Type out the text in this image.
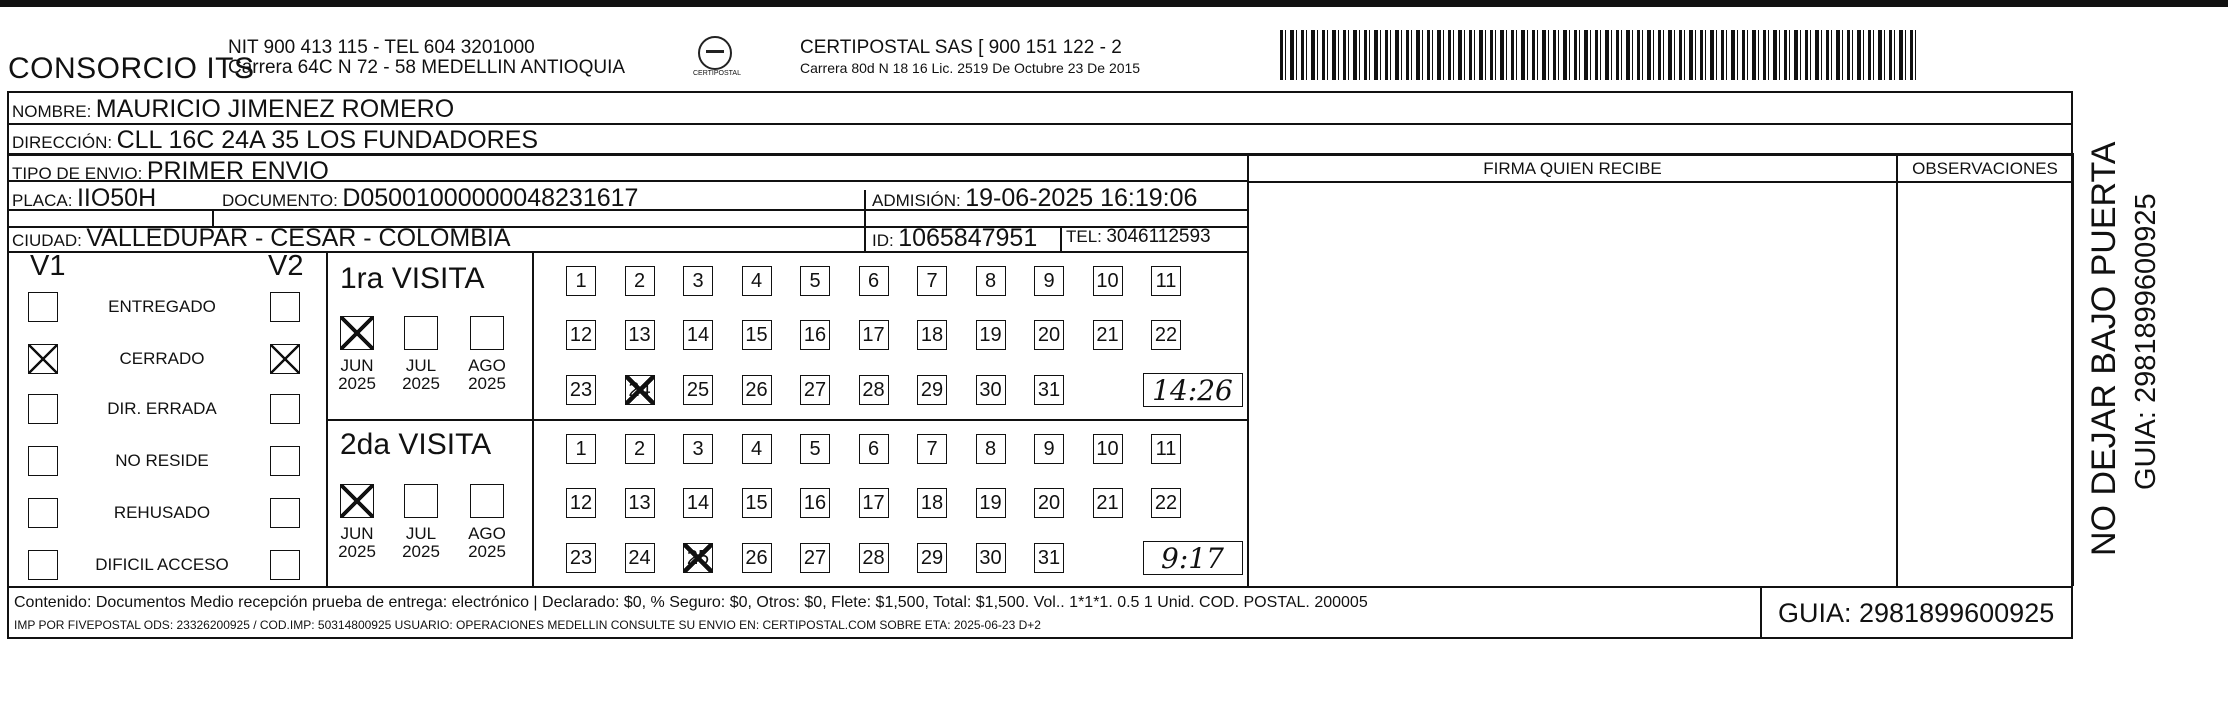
CONSORCIO ITS
NIT 900 413 115 - TEL 604 3201000
Carrera 64C N 72 - 58 MEDELLIN ANTIOQUIA	CERTIPOSTAL
CERTIPOSTAL SAS [ 900 151 122 - 2
Carrera 80d N 18 16 Lic. 2519 De Octubre 23 De 2015
NOMBRE: MAURICIO JIMENEZ ROMERO
DIRECCIÓN: CLL 16C 24A 35 LOS FUNDADORES
TIPO DE ENVIO: PRIMER ENVIO
PLACA: IIO50H	DOCUMENTO: D05001000000048231617	ADMISIÓN: 19-06-2025 16:19:06
CIUDAD: VALLEDUPAR - CESAR - COLOMBIA	ID: 1065847951 TEL: 3046112593
FIRMA QUIEN RECIBE	OBSERVACIONES
V1	V2
ENTREGADO
CERRADO
DIR. ERRADA
NO RESIDE
REHUSADO
DIFICIL ACCESO
1ra VISITA
2da VISITA
JUN
2025
JUL
2025
AGO
2025
1	2	3	4	5	6	7	8	9	10 11
12 13 14 15 16 17 18 19 20 21 22
23 24 25 26 27 28 29 30 31	14:26
JUN
2025
JUL
2025
AGO
2025
1	2	3	4	5	6	7	8	9	10 11
12 13 14 15 16 17 18 19 20 21 22
23 24 25 26 27 28 29 30 31	9:17
Contenido: Documentos Medio recepción prueba de entrega: electrónico | Declarado: $0, % Seguro: $0, Otros: $0, Flete: $1,500, Total: $1,500. Vol.. 1*1*1. 0.5 1 Unid. COD. POSTAL. 200005
IMP POR FIVEPOSTAL ODS: 23326200925 / COD.IMP: 50314800925 USUARIO: OPERACIONES MEDELLIN CONSULTE SU ENVIO EN: CERTIPOSTAL.COM SOBRE ETA: 2025-06-23 D+2	GUIA: 2981899600925
NO DEJAR BAJO PUERTA GUIA: 2981899600925
